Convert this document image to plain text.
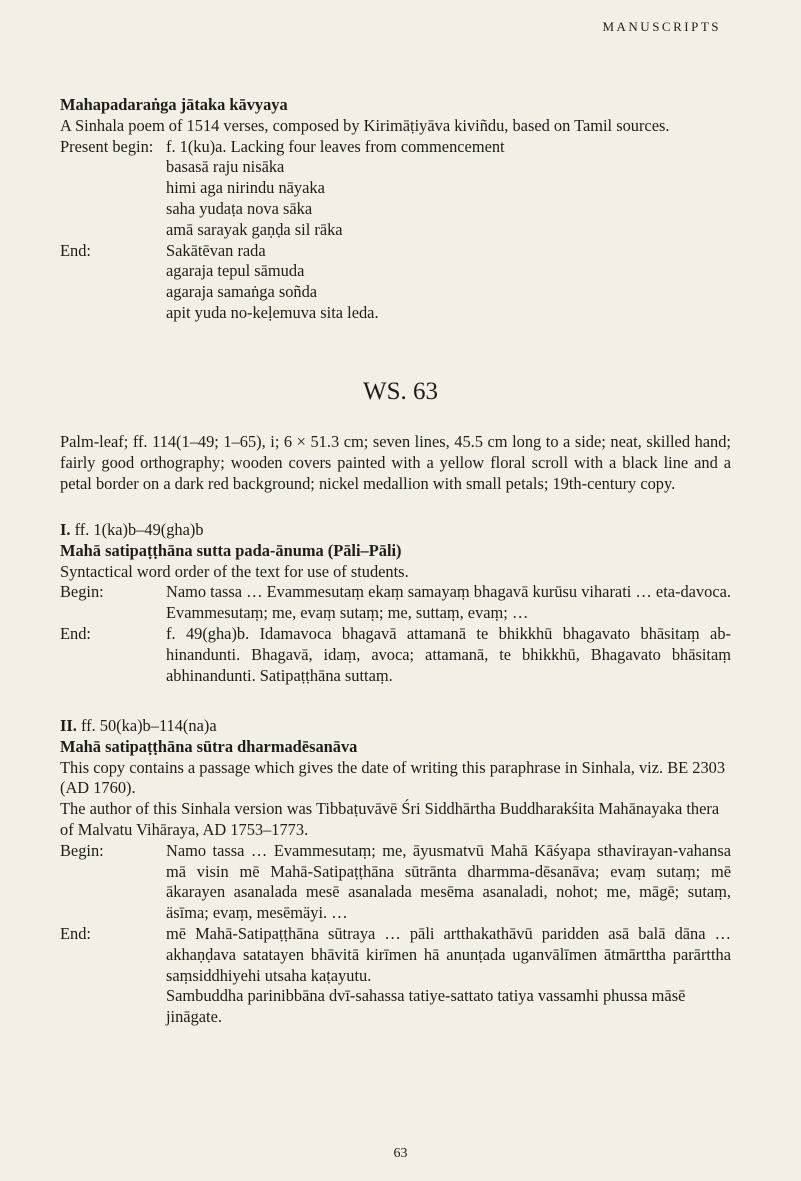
MANUSCRIPTS
Mahapadaraṅga jātaka kāvyaya
A Sinhala poem of 1514 verses, composed by Kirimāṭiyāva kiviñdu, based on Tamil sources.
Present begin: f. 1(ku)a. Lacking four leaves from commencement
basasā raju nisāka
himi aga nirindu nāyaka
saha yudaṭa nova sāka
amā sarayak gaṇḍa sil rāka
End:	Sakātēvan rada
agaraja tepul sāmuda
agaraja samaṅga soñda
apit yuda no-keḷemuva sita leda.
WS. 63
Palm-leaf; ff. 114(1–49; 1–65), i; 6 × 51.3 cm; seven lines, 45.5 cm long to a side; neat, skilled hand; fairly good orthography; wooden covers painted with a yellow floral scroll with a black line and a petal border on a dark red background; nickel medallion with small petals; 19th-century copy.
I. ff. 1(ka)b–49(gha)b
Mahā satipaṭṭhāna sutta pada-ānuma (Pāli–Pāli)
Syntactical word order of the text for use of students.
Begin:	Namo tassa … Evammesutaṃ ekaṃ samayaṃ bhagavā kurūsu viharati … eta-davoca. Evammesutaṃ; me, evaṃ sutaṃ; me, suttaṃ, evaṃ; …
End:	f. 49(gha)b. Idamavoca bhagavā attamanā te bhikkhū bhagavato bhāsitaṃ ab-hinandunti. Bhagavā, idaṃ, avoca; attamanā, te bhikkhū, Bhagavato bhāsitaṃ abhinandunti. Satipaṭṭhāna suttaṃ.
II. ff. 50(ka)b–114(na)a
Mahā satipaṭṭhāna sūtra dharmadēsanāva
This copy contains a passage which gives the date of writing this paraphrase in Sinhala, viz. BE 2303 (AD 1760).
The author of this Sinhala version was Tibbaṭuvāvē Śri Siddhārtha Buddharakśita Mahānayaka thera of Malvatu Vihāraya, AD 1753–1773.
Begin:	Namo tassa … Evammesutaṃ; me, āyusmatvū Mahā Kāśyapa sthavirayan-vahansa mā visin mē Mahā-Satipaṭṭhāna sūtrānta dharmma-dēsanāva; evaṃ sutaṃ; mē ākarayen asanalada mesē asanalada mesēma asanaladi, nohot; me, māgē; sutaṃ, äsīma; evaṃ, mesēmäyi. …
End:	mē Mahā-Satipaṭṭhāna sūtraya … pāli artthakathāvū paridden asā balā dāna … akhaṇḍava satatayen bhāvitā kirīmen hā anunṭada uganvālīmen ātmārttha parārttha saṃsiddhiyehi utsaha kaṭayutu.
Sambuddha parinibbāna dvī-sahassa tatiye-sattato tatiya vassamhi phussa māsē jināgate.
63
